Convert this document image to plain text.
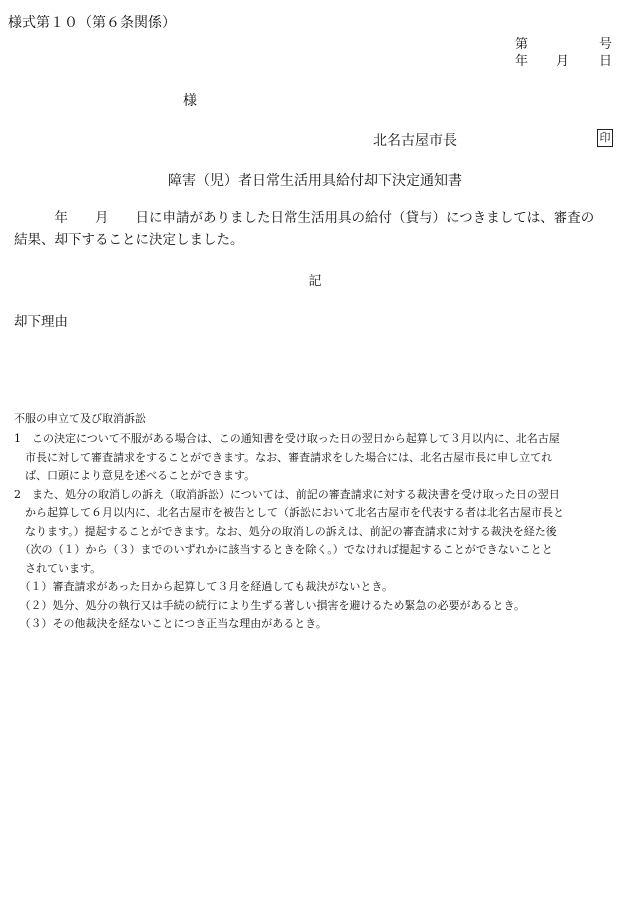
様式第１０（第６条関係）
第	号
年 月 日
様
北名古屋市長	印
障害（児）者日常生活用具給付却下決定通知書
　　　年　　月　　日に申請がありました日常生活用具の給付（貸与）につきましては、審査の
結果、却下することに決定しました。
記
却下理由
不服の申立て及び取消訴訟
1　この決定について不服がある場合は、この通知書を受け取った日の翌日から起算して３月以内に、北名古屋
　市長に対して審査請求をすることができます。なお、審査請求をした場合には、北名古屋市長に申し立てれ
　ば、口頭により意見を述べることができます。
2　また、処分の取消しの訴え（取消訴訟）については、前記の審査請求に対する裁決書を受け取った日の翌日
　から起算して６月以内に、北名古屋市を被告として（訴訟において北名古屋市を代表する者は北名古屋市長と
　なります。）提起することができます。なお、処分の取消しの訴えは、前記の審査請求に対する裁決を経た後
　（次の（１）から（３）までのいずれかに該当するときを除く。）でなければ提起することができないことと
　されています。
　（１）審査請求があった日から起算して３月を経過しても裁決がないとき。
　（２）処分、処分の執行又は手続の続行により生ずる著しい損害を避けるため緊急の必要があるとき。
　（３）その他裁決を経ないことにつき正当な理由があるとき。
